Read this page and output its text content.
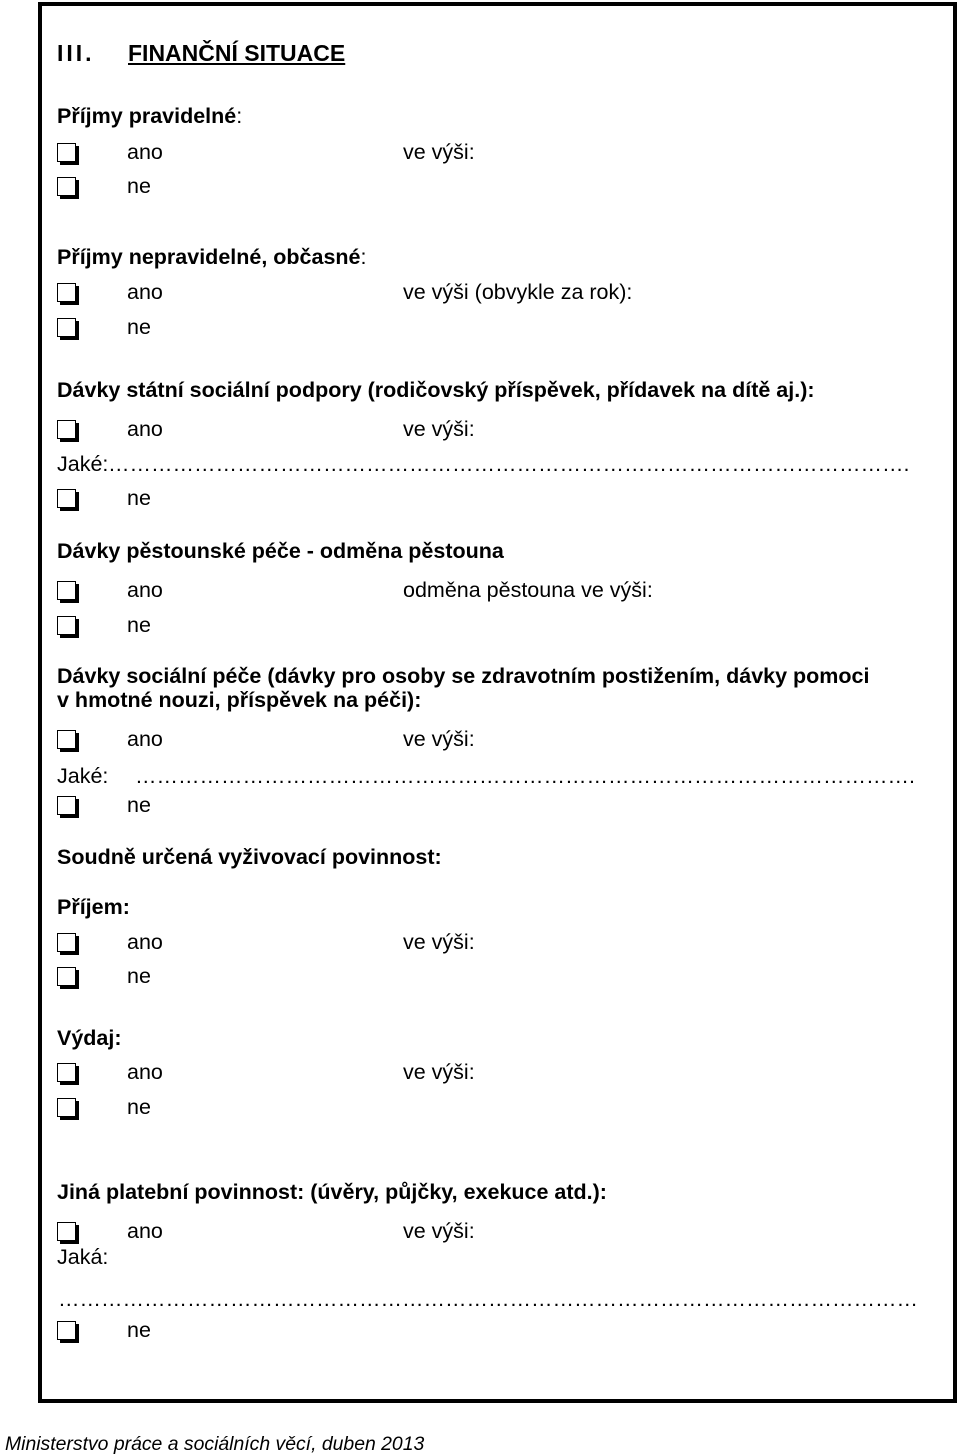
III. FINANČNÍ SITUACE
Příjmy pravidelné:
ano	ve výši:
ne
Příjmy nepravidelné, občasné:
ano	ve výši (obvykle za rok):
ne
Dávky státní sociální podpory (rodičovský příspěvek, přídavek na dítě aj.):
ano	ve výši:
Jaké: ………………………………………………………………………………………………….
ne
Dávky pěstounské péče - odměna pěstouna
ano	odměna pěstouna ve výši:
ne
Dávky sociální péče (dávky pro osoby se zdravotním postižením, dávky pomoci
v hmotné nouzi, příspěvek na péči):
ano	ve výši:
Jaké: ……………………………………………………………………………………………….
ne
Soudně určená vyživovací povinnost:
Příjem:
ano	ve výši:
ne
Výdaj:
ano	ve výši:
ne
Jiná platební povinnost: (úvěry, půjčky, exekuce atd.):
ano	ve výši:
Jaká:
…………………………………………………………………………………………………………
ne
Ministerstvo práce a sociálních věcí, duben 2013
